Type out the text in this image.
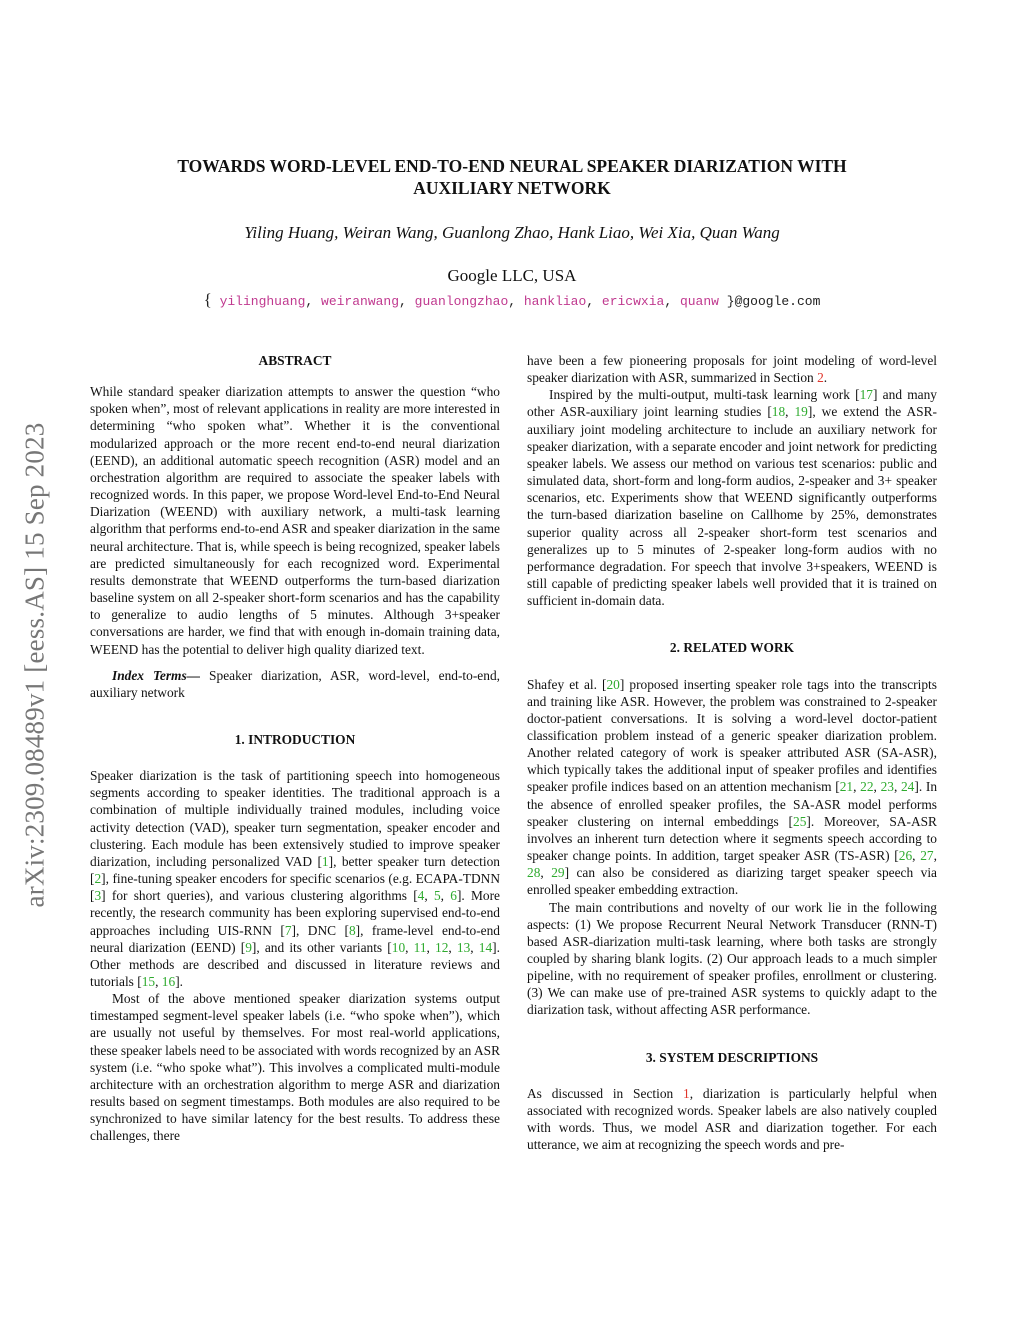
arXiv:2309.08489v1 [eess.AS] 15 Sep 2023
TOWARDS WORD-LEVEL END-TO-END NEURAL SPEAKER DIARIZATION WITH
AUXILIARY NETWORK
Yiling Huang, Weiran Wang, Guanlong Zhao, Hank Liao, Wei Xia, Quan Wang
Google LLC, USA
{ yilinghuang, weiranwang, guanlongzhao, hankliao, ericwxia, quanw }@google.com

ABSTRACT

While standard speaker diarization attempts to answer the question “who spoken when”, most of relevant applications in reality are more interested in determining “who spoken what”. Whether it is the conventional modularized approach or the more recent end-to-end neural diarization (EEND), an additional automatic speech recognition (ASR) model and an orchestration algorithm are required to associate the speaker labels with recognized words. In this paper, we propose Word-level End-to-End Neural Diarization (WEEND) with auxiliary network, a multi-task learning algorithm that performs end-to-end ASR and speaker diarization in the same neural architecture. That is, while speech is being recognized, speaker labels are predicted simultaneously for each recognized word. Experimental results demonstrate that WEEND outperforms the turn-based diarization baseline system on all 2-speaker short-form scenarios and has the capability to generalize to audio lengths of 5 minutes. Although 3+speaker conversations are harder, we find that with enough in-domain training data, WEEND has the potential to deliver high quality diarized text.

Index Terms— Speaker diarization, ASR, word-level, end-to-end, auxiliary network

1. INTRODUCTION

Speaker diarization is the task of partitioning speech into homogeneous segments according to speaker identities. The traditional approach is a combination of multiple individually trained modules, including voice activity detection (VAD), speaker turn segmentation, speaker encoder and clustering. Each module has been extensively studied to improve speaker diarization, including personalized VAD [1], better speaker turn detection [2], fine-tuning speaker encoders for specific scenarios (e.g. ECAPA-TDNN [3] for short queries), and various clustering algorithms [4, 5, 6]. More recently, the research community has been exploring supervised end-to-end approaches including UIS-RNN [7], DNC [8], frame-level end-to-end neural diarization (EEND) [9], and its other variants [10, 11, 12, 13, 14]. Other methods are described and discussed in literature reviews and tutorials [15, 16].

Most of the above mentioned speaker diarization systems output timestamped segment-level speaker labels (i.e. “who spoke when”), which are usually not useful by themselves. For most real-world applications, these speaker labels need to be associated with words recognized by an ASR system (i.e. “who spoke what”). This involves a complicated multi-module architecture with an orchestration algorithm to merge ASR and diarization results based on segment timestamps. Both modules are also required to be synchronized to have similar latency for the best results. To address these challenges, there

have been a few pioneering proposals for joint modeling of word-level speaker diarization with ASR, summarized in Section 2.

Inspired by the multi-output, multi-task learning work [17] and many other ASR-auxiliary joint learning studies [18, 19], we extend the ASR-auxiliary joint modeling architecture to include an auxiliary network for speaker diarization, with a separate encoder and joint network for predicting speaker labels. We assess our method on various test scenarios: public and simulated data, short-form and long-form audios, 2-speaker and 3+ speaker scenarios, etc. Experiments show that WEEND significantly outperforms the turn-based diarization baseline on Callhome by 25%, demonstrates superior quality across all 2-speaker short-form test scenarios and generalizes up to 5 minutes of 2-speaker long-form audios with no performance degradation. For speech that involve 3+speakers, WEEND is still capable of predicting speaker labels well provided that it is trained on sufficient in-domain data.

2. RELATED WORK

Shafey et al. [20] proposed inserting speaker role tags into the transcripts and training like ASR. However, the problem was constrained to 2-speaker doctor-patient conversations. It is solving a word-level doctor-patient classification problem instead of a generic speaker diarization problem. Another related category of work is speaker attributed ASR (SA-ASR), which typically takes the additional input of speaker profiles and identifies speaker profile indices based on an attention mechanism [21, 22, 23, 24]. In the absence of enrolled speaker profiles, the SA-ASR model performs speaker clustering on internal embeddings [25]. Moreover, SA-ASR involves an inherent turn detection where it segments speech according to speaker change points. In addition, target speaker ASR (TS-ASR) [26, 27, 28, 29] can also be considered as diarizing target speaker speech via enrolled speaker embedding extraction.

The main contributions and novelty of our work lie in the following aspects: (1) We propose Recurrent Neural Network Transducer (RNN-T) based ASR-diarization multi-task learning, where both tasks are strongly coupled by sharing blank logits. (2) Our approach leads to a much simpler pipeline, with no requirement of speaker profiles, enrollment or clustering. (3) We can make use of pre-trained ASR systems to quickly adapt to the diarization task, without affecting ASR performance.

3. SYSTEM DESCRIPTIONS

As discussed in Section 1, diarization is particularly helpful when associated with recognized words. Speaker labels are also natively coupled with words. Thus, we model ASR and diarization together. For each utterance, we aim at recognizing the speech words and pre-
